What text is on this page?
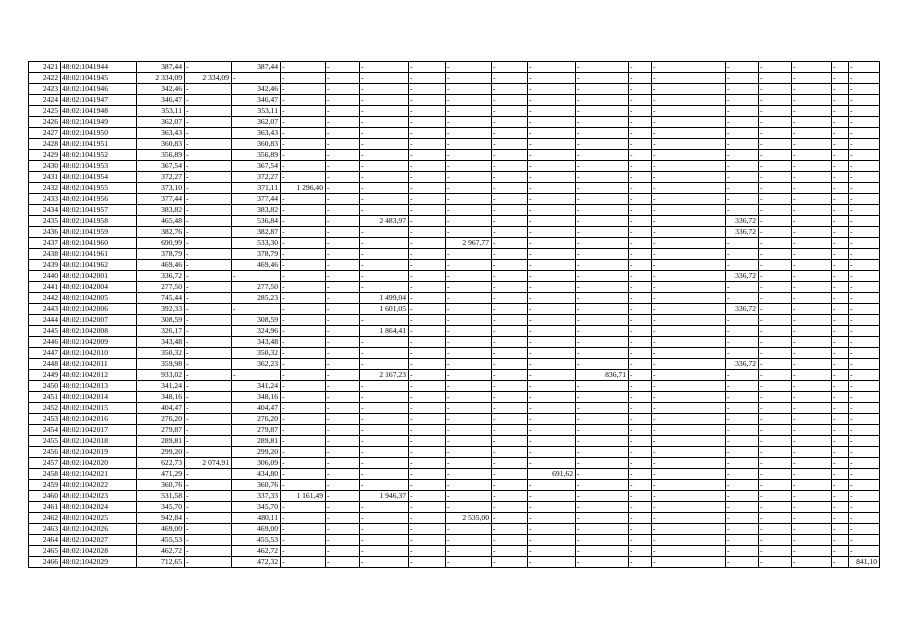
2421	48:02:1041944	387,44	-	387,44	-	-	-	-	-	-	-	-	-	-	-	-	-	-	-
2422	48:02:1041945	2 334,09	2 334,09	-	-	-	-	-	-	-	-	-	-	-	-	-	-	-	-
2423	48:02:1041946	342,46	-	342,46	-	-	-	-	-	-	-	-	-	-	-	-	-	-	-
2424	48:02:1041947	346,47	-	346,47	-	-	-	-	-	-	-	-	-	-	-	-	-	-	-
2425	48:02:1041948	353,11	-	353,11	-	-	-	-	-	-	-	-	-	-	-	-	-	-	-
2426	48:02:1041949	362,07	-	362,07	-	-	-	-	-	-	-	-	-	-	-	-	-	-	-
2427	48:02:1041950	363,43	-	363,43	-	-	-	-	-	-	-	-	-	-	-	-	-	-	-
2428	48:02:1041951	360,83	-	360,83	-	-	-	-	-	-	-	-	-	-	-	-	-	-	-
2429	48:02:1041952	356,89	-	356,89	-	-	-	-	-	-	-	-	-	-	-	-	-	-	-
2430	48:02:1041953	367,54	-	367,54	-	-	-	-	-	-	-	-	-	-	-	-	-	-	-
2431	48:02:1041954	372,27	-	372,27	-	-	-	-	-	-	-	-	-	-	-	-	-	-	-
2432	48:02:1041955	373,10	-	371,11	1 296,40	-	-	-	-	-	-	-	-	-	-	-	-	-	-
2433	48:02:1041956	377,44	-	377,44	-	-	-	-	-	-	-	-	-	-	-	-	-	-	-
2434	48:02:1041957	383,82	-	383,82	-	-	-	-	-	-	-	-	-	-	-	-	-	-	-
2435	48:02:1041958	465,48	-	536,84	-	-	2 483,97	-	-	-	-	-	-	-	336,72	-	-	-	-
2436	48:02:1041959	382,76	-	382,87	-	-	-	-	-	-	-	-	-	-	336,72	-	-	-	-
2437	48:02:1041960	690,99	-	533,30	-	-	-	-	2 967,77	-	-	-	-	-	-	-	-	-	-
2438	48:02:1041961	378,79	-	378,79	-	-	-	-	-	-	-	-	-	-	-	-	-	-	-
2439	48:02:1041962	469,46	-	469,46	-	-	-	-	-	-	-	-	-	-	-	-	-	-	-
2440	48:02:1042001	336,72	-	-	-	-	-	-	-	-	-	-	-	-	336,72	-	-	-	-
2441	48:02:1042004	277,50	-	277,50	-	-	-	-	-	-	-	-	-	-	-	-	-	-	-
2442	48:02:1042005	745,44	-	285,23	-	-	1 499,04	-	-	-	-	-	-	-	-	-	-	-	-
2443	48:02:1042006	392,33	-	-	-	-	1 601,05	-	-	-	-	-	-	-	336,72	-	-	-	-
2444	48:02:1042007	308,59	-	308,59	-	-	-	-	-	-	-	-	-	-	-	-	-	-	-
2445	48:02:1042008	326,17	-	324,96	-	-	1 864,41	-	-	-	-	-	-	-	-	-	-	-	-
2446	48:02:1042009	343,48	-	343,48	-	-	-	-	-	-	-	-	-	-	-	-	-	-	-
2447	48:02:1042010	350,32	-	350,32	-	-	-	-	-	-	-	-	-	-	-	-	-	-	-
2448	48:02:1042011	359,98	-	362,23	-	-	-	-	-	-	-	-	-	-	336,72	-	-	-	-
2449	48:02:1042012	933,02	-	-	-	-	2 167,23	-	-	-	-	836,71	-	-	-	-	-	-	-
2450	48:02:1042013	341,24	-	341,24	-	-	-	-	-	-	-	-	-	-	-	-	-	-	-
2451	48:02:1042014	348,16	-	348,16	-	-	-	-	-	-	-	-	-	-	-	-	-	-	-
2452	48:02:1042015	404,47	-	404,47	-	-	-	-	-	-	-	-	-	-	-	-	-	-	-
2453	48:02:1042016	276,20	-	276,20	-	-	-	-	-	-	-	-	-	-	-	-	-	-	-
2454	48:02:1042017	279,87	-	279,87	-	-	-	-	-	-	-	-	-	-	-	-	-	-	-
2455	48:02:1042018	289,81	-	289,81	-	-	-	-	-	-	-	-	-	-	-	-	-	-	-
2456	48:02:1042019	299,20	-	299,20	-	-	-	-	-	-	-	-	-	-	-	-	-	-	-
2457	48:02:1042020	622,73	2 074,91	306,09	-	-	-	-	-	-	-	-	-	-	-	-	-	-	-
2458	48:02:1042021	471,29	-	434,80	-	-	-	-	-	-	691,62	-	-	-	-	-	-	-	-
2459	48:02:1042022	360,76	-	360,76	-	-	-	-	-	-	-	-	-	-	-	-	-	-	-
2460	48:02:1042023	531,58	-	337,33	1 161,49	-	1 946,37	-	-	-	-	-	-	-	-	-	-	-	-
2461	48:02:1042024	345,70	-	345,70	-	-	-	-	-	-	-	-	-	-	-	-	-	-	-
2462	48:02:1042025	942,84	-	480,11	-	-	-	-	2 535,00	-	-	-	-	-	-	-	-	-	-
2463	48:02:1042026	469,00	-	469,00	-	-	-	-	-	-	-	-	-	-	-	-	-	-	-
2464	48:02:1042027	455,53	-	455,53	-	-	-	-	-	-	-	-	-	-	-	-	-	-	-
2465	48:02:1042028	462,72	-	462,72	-	-	-	-	-	-	-	-	-	-	-	-	-	-	-
2466	48:02:1042029	712,65	-	472,32	-	-	-	-	-	-	-	-	-	-	-	-	-	-	841,10
